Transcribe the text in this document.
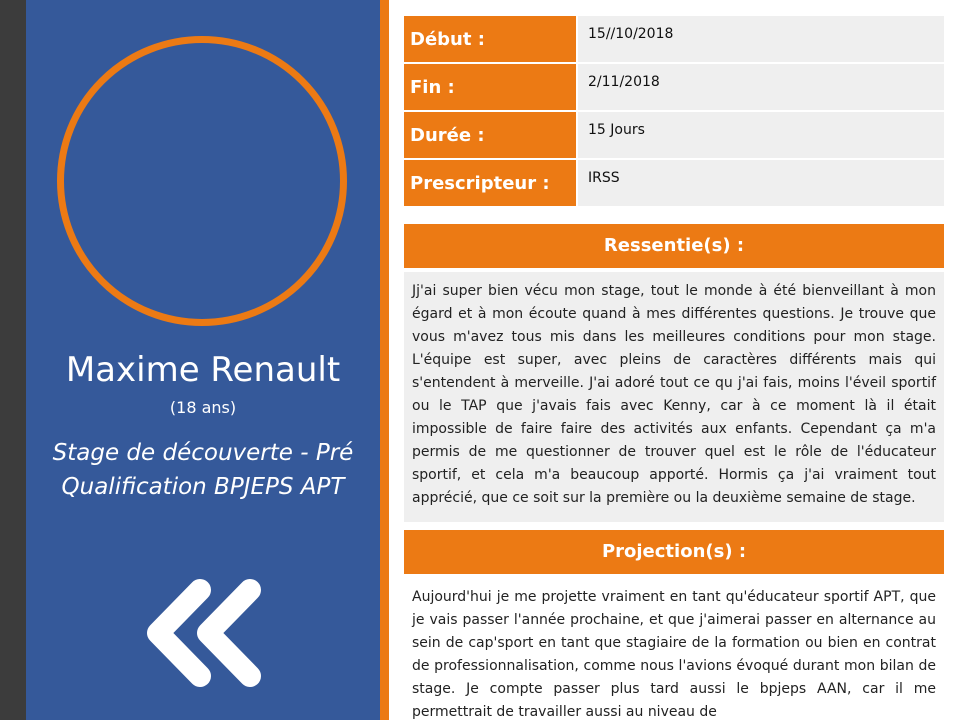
Maxime Renault
(18 ans)
Stage de découverte - Pré Qualification BPJEPS APT
Début :	15//10/2018
Fin :	2/11/2018
Durée :	15 Jours
Prescripteur :	IRSS
Ressentie(s) :
Jj'ai super bien vécu mon stage, tout le monde à été bienveillant à mon égard et à mon écoute quand à mes différentes questions. Je trouve que vous m'avez tous mis dans les meilleures conditions pour mon stage. L'équipe est super, avec pleins de caractères différents mais qui s'entendent à merveille. J'ai adoré tout ce qu j'ai fais, moins l'éveil sportif ou le TAP que j'avais fais avec Kenny, car à ce moment là il était impossible de faire faire des activités aux enfants. Cependant ça m'a permis de me questionner de trouver quel est le rôle de l'éducateur sportif, et cela m'a beaucoup apporté. Hormis ça j'ai vraiment tout apprécié, que ce soit sur la première ou la deuxième semaine de stage.
Projection(s) :
Aujourd'hui je me projette vraiment en tant qu'éducateur sportif APT, que je vais passer l'année prochaine, et que j'aimerai passer en alternance au sein de cap'sport en tant que stagiaire de la formation ou bien en contrat de professionnalisation, comme nous l'avions évoqué durant mon bilan de stage. Je compte passer plus tard aussi le bpjeps AAN, car il me permettrait de travailler aussi au niveau de
